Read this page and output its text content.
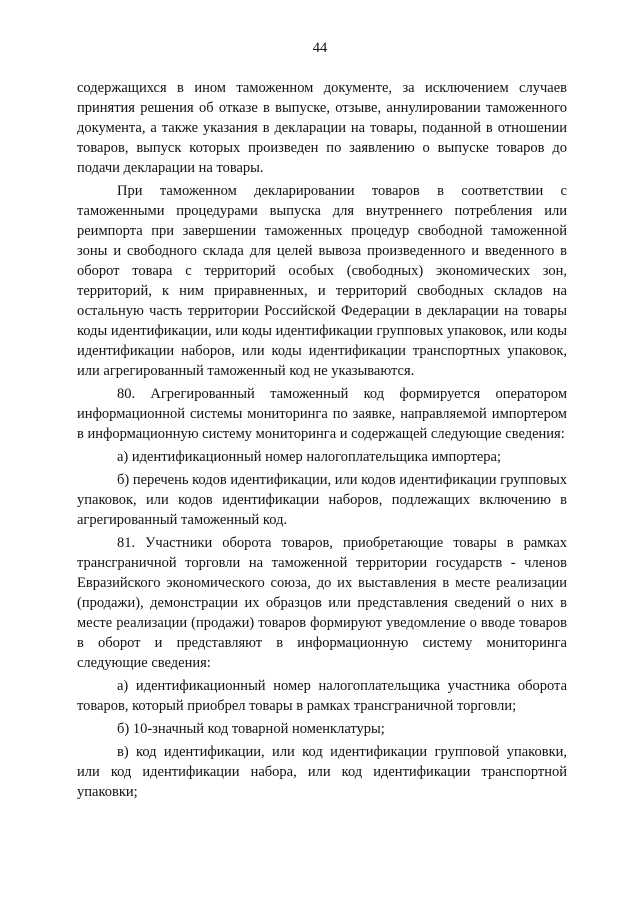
44

содержащихся в ином таможенном документе, за исключением случаев принятия решения об отказе в выпуске, отзыве, аннулировании таможенного документа, а также указания в декларации на товары, поданной в отношении товаров, выпуск которых произведен по заявлению о выпуске товаров до подачи декларации на товары.

При таможенном декларировании товаров в соответствии с таможенными процедурами выпуска для внутреннего потребления или реимпорта при завершении таможенных процедур свободной таможенной зоны и свободного склада для целей вывоза произведенного и введенного в оборот товара с территорий особых (свободных) экономических зон, территорий, к ним приравненных, и территорий свободных складов на остальную часть территории Российской Федерации в декларации на товары коды идентификации, или коды идентификации групповых упаковок, или коды идентификации наборов, или коды идентификации транспортных упаковок, или агрегированный таможенный код не указываются.

80. Агрегированный таможенный код формируется оператором информационной системы мониторинга по заявке, направляемой импортером в информационную систему мониторинга и содержащей следующие сведения:

а) идентификационный номер налогоплательщика импортера;

б) перечень кодов идентификации, или кодов идентификации групповых упаковок, или кодов идентификации наборов, подлежащих включению в агрегированный таможенный код.

81. Участники оборота товаров, приобретающие товары в рамках трансграничной торговли на таможенной территории государств - членов Евразийского экономического союза, до их выставления в месте реализации (продажи), демонстрации их образцов или представления сведений о них в месте реализации (продажи) товаров формируют уведомление о вводе товаров в оборот и представляют в информационную систему мониторинга следующие сведения:

а) идентификационный номер налогоплательщика участника оборота товаров, который приобрел товары в рамках трансграничной торговли;

б) 10-значный код товарной номенклатуры;

в) код идентификации, или код идентификации групповой упаковки, или код идентификации набора, или код идентификации транспортной упаковки;
